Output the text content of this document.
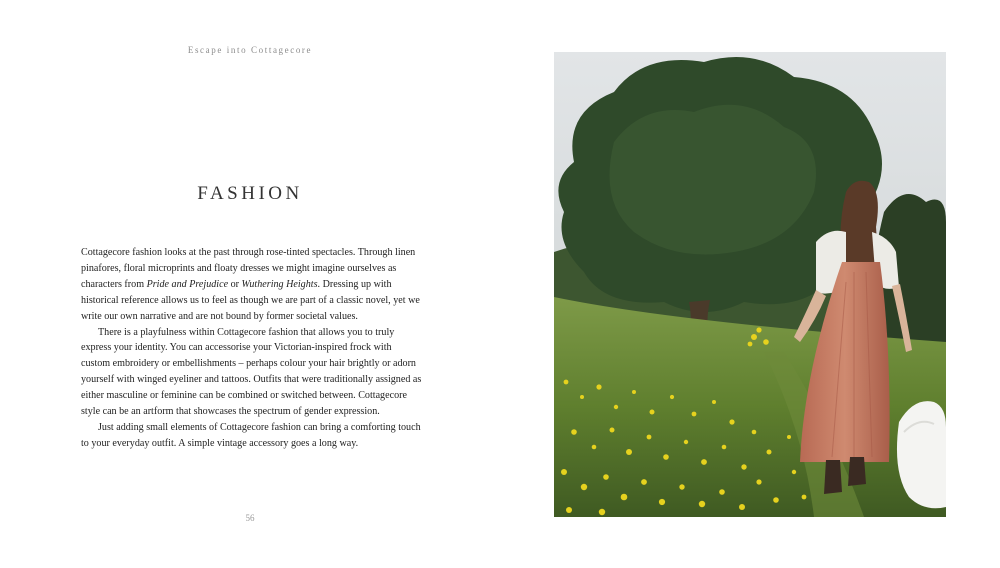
Escape into Cottagecore
FASHION

Cottagecore fashion looks at the past through rose-tinted spectacles. Through linen pinafores, floral microprints and floaty dresses we might imagine ourselves as characters from Pride and Prejudice or Wuthering Heights. Dressing up with historical reference allows us to feel as though we are part of a classic novel, yet we write our own narrative and are not bound by former societal values.

There is a playfulness within Cottagecore fashion that allows you to truly express your identity. You can accessorise your Victorian-inspired frock with custom embroidery or embellishments – perhaps colour your hair brightly or adorn yourself with winged eyeliner and tattoos. Outfits that were traditionally assigned as either masculine or feminine can be combined or switched between. Cottagecore style can be an artform that showcases the spectrum of gender expression.

Just adding small elements of Cottagecore fashion can bring a comforting touch to your everyday outfit. A simple vintage accessory goes a long way.

56
